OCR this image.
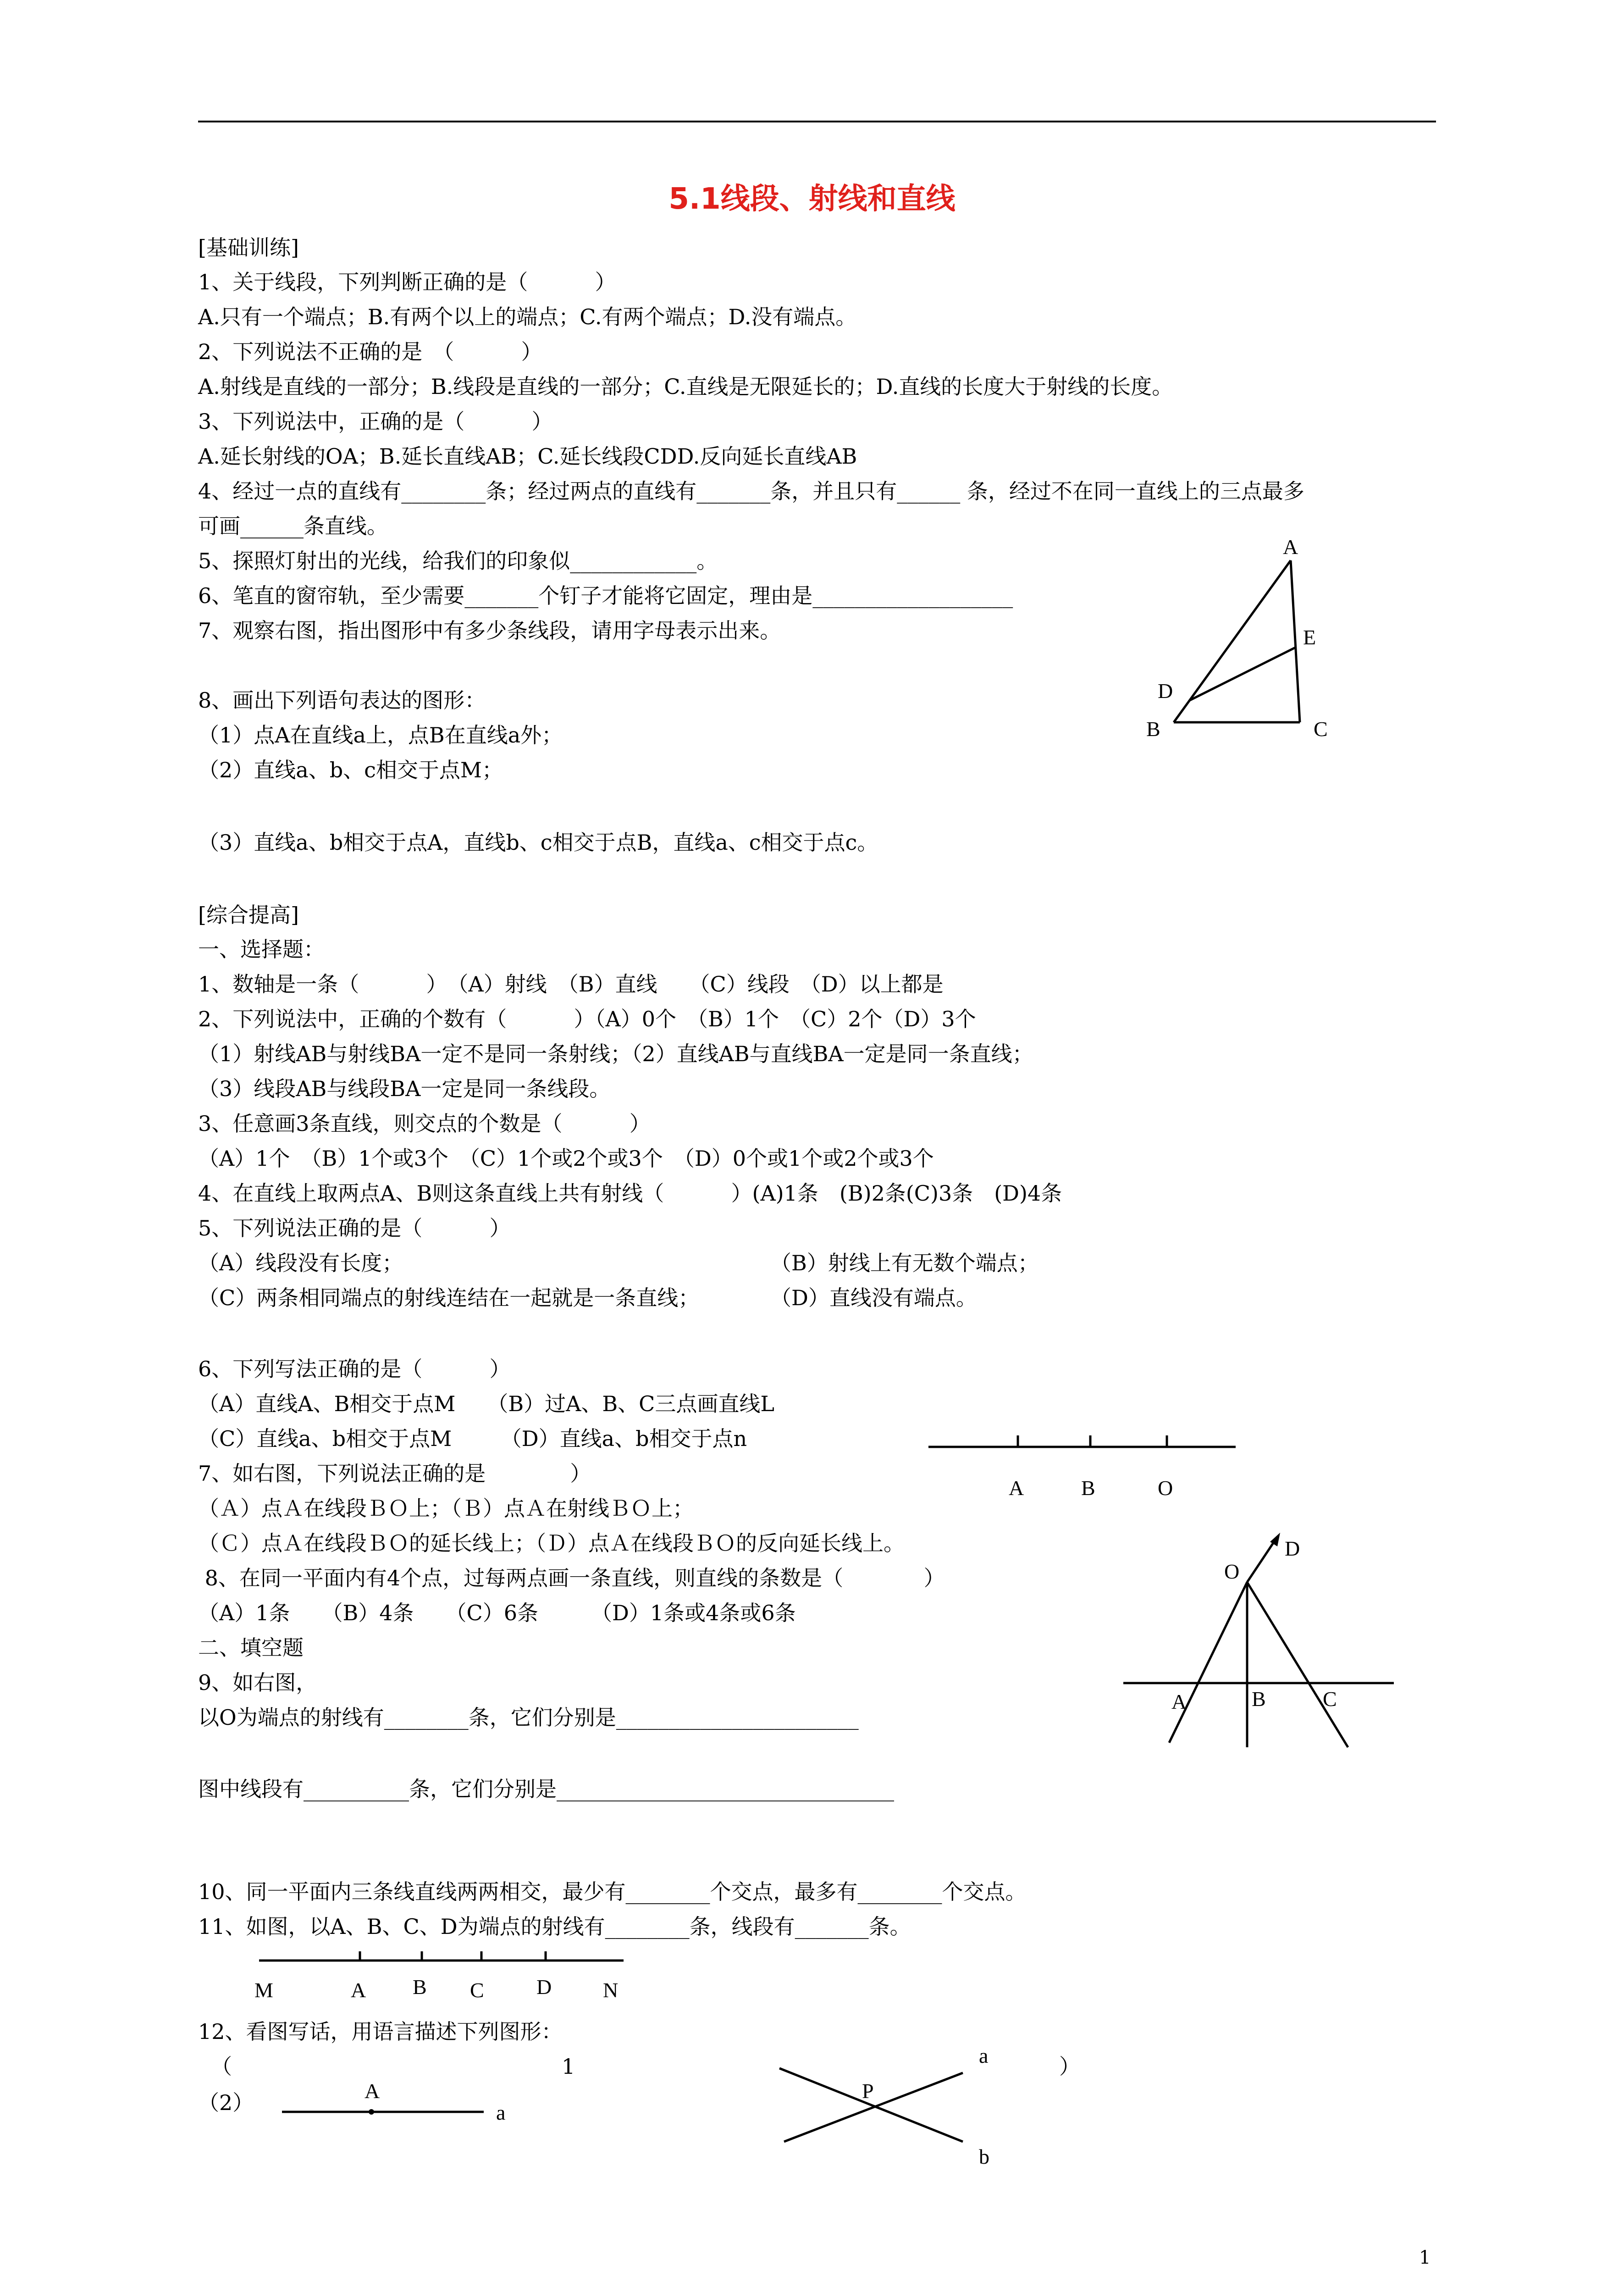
5.1线段、射线和直线
[基础训练]
1、关于线段，下列判断正确的是（          ）
A.只有一个端点；B.有两个以上的端点；C.有两个端点；D.没有端点。
2、下列说法不正确的是　（          ）
A.射线是直线的一部分；B.线段是直线的一部分；C.直线是无限延长的；D.直线的长度大于射线的长度。
3、下列说法中，正确的是（          ）
A.延长射线的OA；B.延长直线AB；C.延长线段CDD.反向延长直线AB
4、经过一点的直线有________条；经过两点的直线有_______条，并且只有______ 条，经过不在同一直线上的三点最多
可画______条直线。
5、探照灯射出的光线，给我们的印象似____________。
6、笔直的窗帘轨，至少需要_______个钉子才能将它固定，理由是___________________
7、观察右图，指出图形中有多少条线段，请用字母表示出来。
8、画出下列语句表达的图形：
（1）点A在直线a上，点B在直线a外；
（2）直线a、b、c相交于点M；
（3）直线a、b相交于点A，直线b、c相交于点B，直线a、c相交于点c。
A
E
D
B	C
[综合提高]
一、选择题：
1、数轴是一条（          ）　（A）射线　（B）直线　　（C）线段　（D）以上都是
2、下列说法中，正确的个数有（          ）（A）0个　（B）1个　（C）2个（D）3个
（1）射线AB与射线BA一定不是同一条射线；（2）直线AB与直线BA一定是同一条直线；
（3）线段AB与线段BA一定是同一条线段。
3、任意画3条直线，则交点的个数是（          ）
（A）1个　（B）1个或3个　（C）1个或2个或3个　（D）0个或1个或2个或3个
4、在直线上取两点A、B则这条直线上共有射线（          ）(A)1条　(B)2条(C)3条　(D)4条
5、下列说法正确的是（          ）
（A）线段没有长度；	（B）射线上有无数个端点；
（C）两条相同端点的射线连结在一起就是一条直线；	（D）直线没有端点。
6、下列写法正确的是（          ）
（A）直线A、B相交于点M　　（B）过A、B、C三点画直线L
（C）直线a、b相交于点M　　 （D）直线a、b相交于点n
7、如右图，下列说法正确的是　　　　）
（Ａ）点Ａ在线段ＢＯ上；（Ｂ）点Ａ在射线ＢＯ上；
（Ｃ）点Ａ在线段ＢＯ的延长线上；（Ｄ）点Ａ在线段ＢＯ的反向延长线上。
8、在同一平面内有4个点，过每两点画一条直线，则直线的条数是（            ）
（A）1条　　（B）4条　　（C）6条　　　（D）1条或4条或6条
二、填空题
9、如右图，
以O为端点的射线有________条，它们分别是_______________________
图中线段有__________条，它们分别是________________________________
10、同一平面内三条线直线两两相交，最少有________个交点，最多有________个交点。
11、如图，以A、B、C、D为端点的射线有________条，线段有_______条。
12、看图写话，用语言描述下列图形：
（	1	）
（2）
A	B	O
D
O
A	B	C
M	A B C D N
A
a
a
P
b
1
